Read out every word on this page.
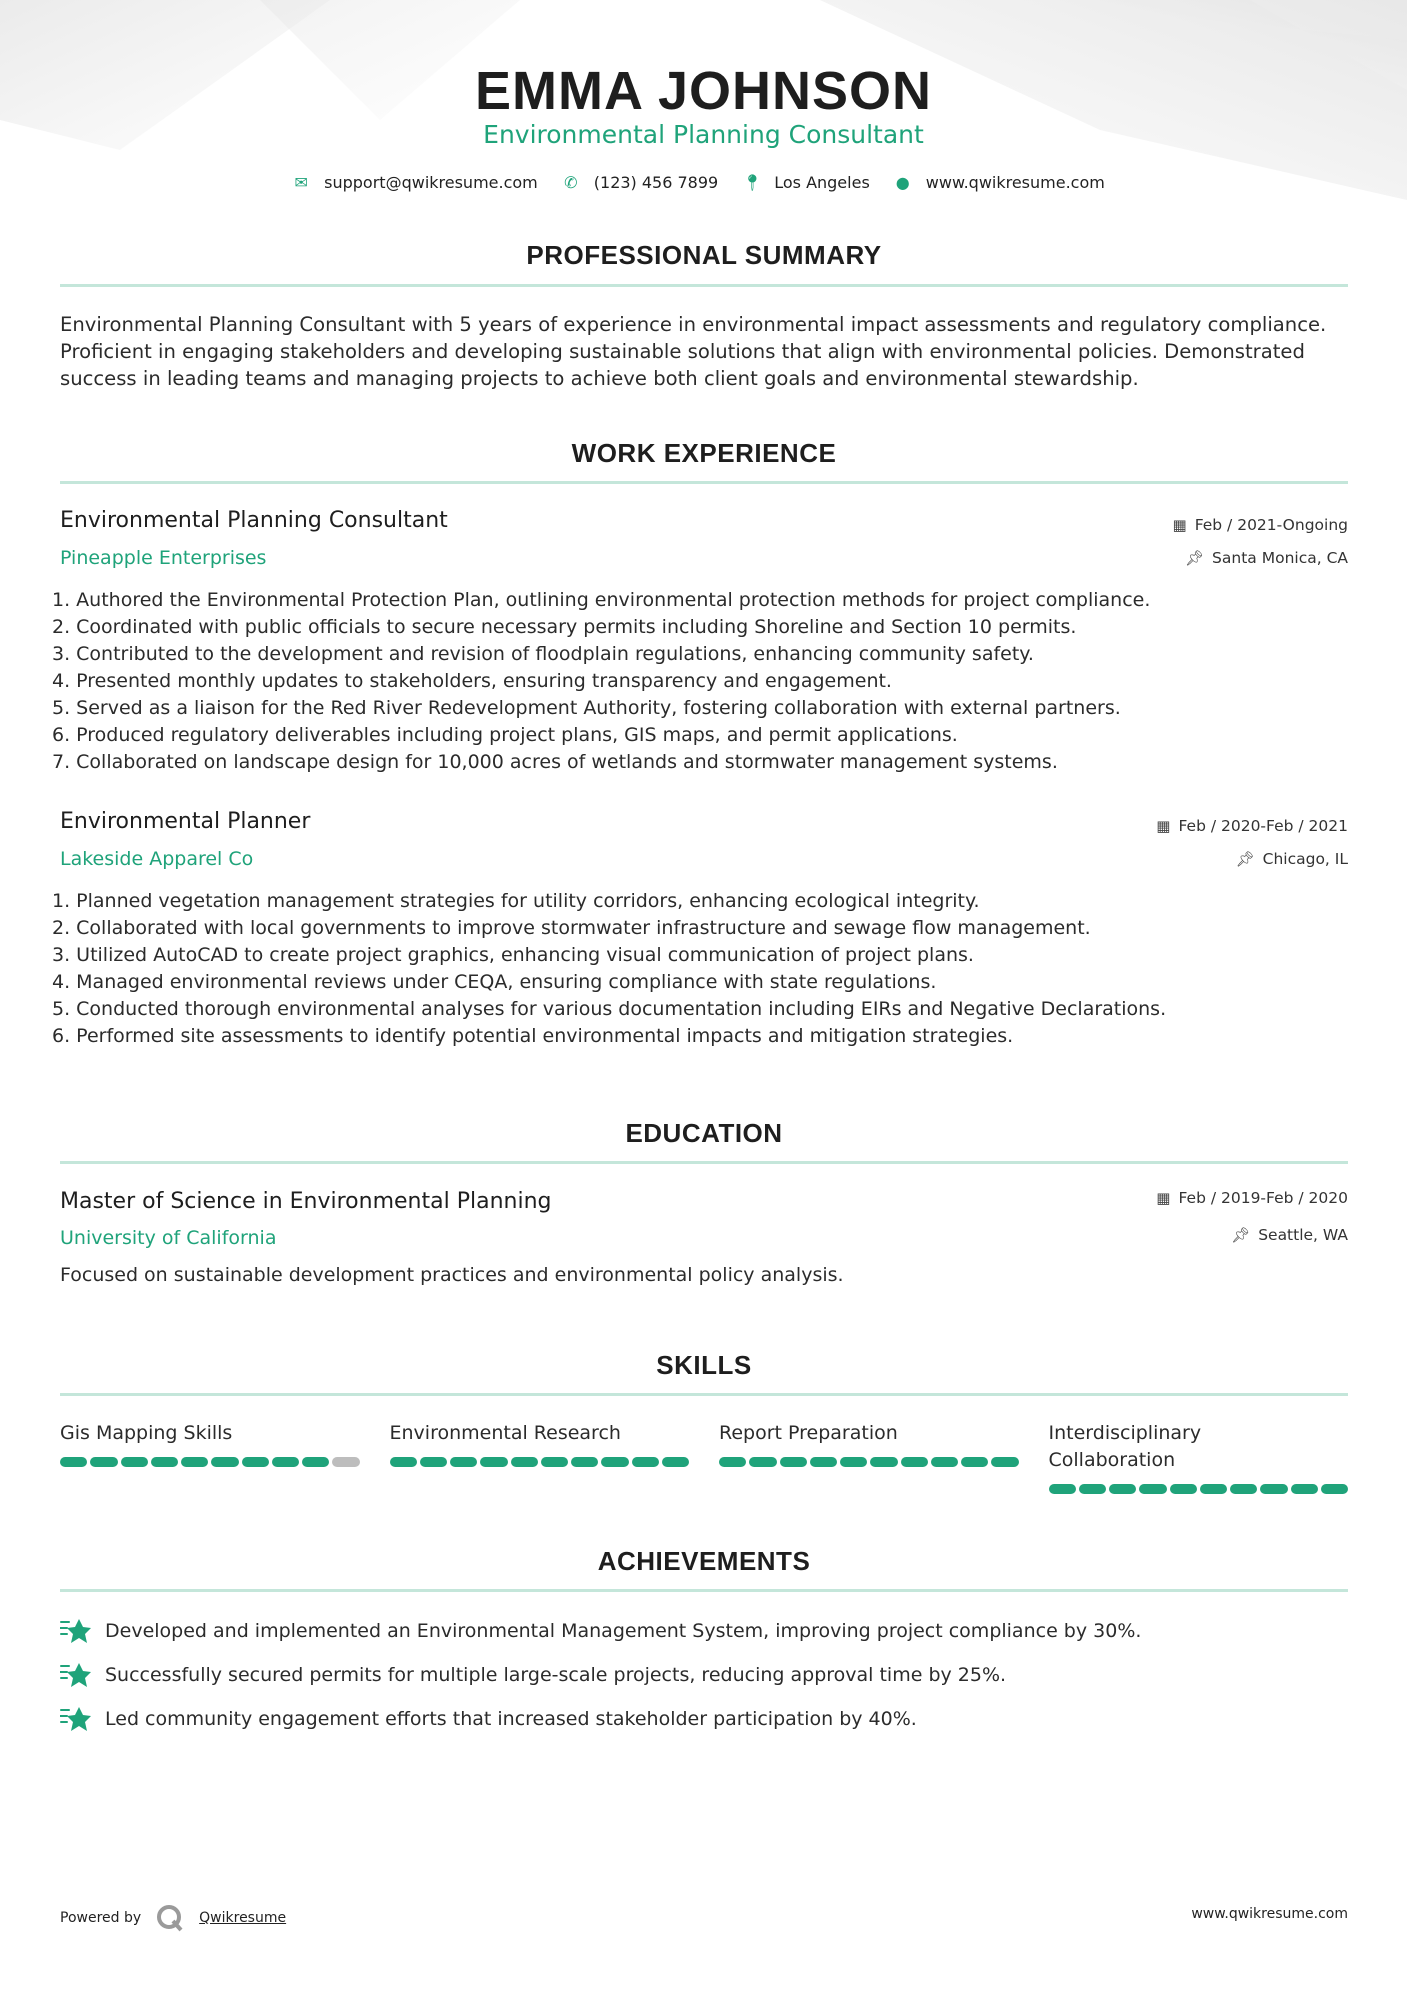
EMMA JOHNSON
Environmental Planning Consultant
✉ support@qwikresume.com ✆ (123) 456 7899 📍︎ Los Angeles ● www.qwikresume.com
PROFESSIONAL SUMMARY
Environmental Planning Consultant with 5 years of experience in environmental impact assessments and regulatory compliance. Proficient in engaging stakeholders and developing sustainable solutions that align with environmental policies. Demonstrated success in leading teams and managing projects to achieve both client goals and environmental stewardship.
WORK EXPERIENCE
Environmental Planning Consultant
Pineapple Enterprises
▦ Feb / 2021-Ongoing
📌︎ Santa Monica, CA
1. Authored the Environmental Protection Plan, outlining environmental protection methods for project compliance.
2. Coordinated with public officials to secure necessary permits including Shoreline and Section 10 permits.
3. Contributed to the development and revision of floodplain regulations, enhancing community safety.
4. Presented monthly updates to stakeholders, ensuring transparency and engagement.
5. Served as a liaison for the Red River Redevelopment Authority, fostering collaboration with external partners.
6. Produced regulatory deliverables including project plans, GIS maps, and permit applications.
7. Collaborated on landscape design for 10,000 acres of wetlands and stormwater management systems.
Environmental Planner
Lakeside Apparel Co
▦ Feb / 2020-Feb / 2021
📌︎ Chicago, IL
1. Planned vegetation management strategies for utility corridors, enhancing ecological integrity.
2. Collaborated with local governments to improve stormwater infrastructure and sewage flow management.
3. Utilized AutoCAD to create project graphics, enhancing visual communication of project plans.
4. Managed environmental reviews under CEQA, ensuring compliance with state regulations.
5. Conducted thorough environmental analyses for various documentation including EIRs and Negative Declarations.
6. Performed site assessments to identify potential environmental impacts and mitigation strategies.
EDUCATION
Master of Science in Environmental Planning
University of California
▦ Feb / 2019-Feb / 2020
📌︎ Seattle, WA
Focused on sustainable development practices and environmental policy analysis.
SKILLS
Gis Mapping Skills	Environmental Research	Report Preparation	Interdisciplinary Collaboration
ACHIEVEMENTS
Developed and implemented an Environmental Management System, improving project compliance by 30%.
Successfully secured permits for multiple large-scale projects, reducing approval time by 25%.
Led community engagement efforts that increased stakeholder participation by 40%.
Powered by	Qwikresume	www.qwikresume.com
